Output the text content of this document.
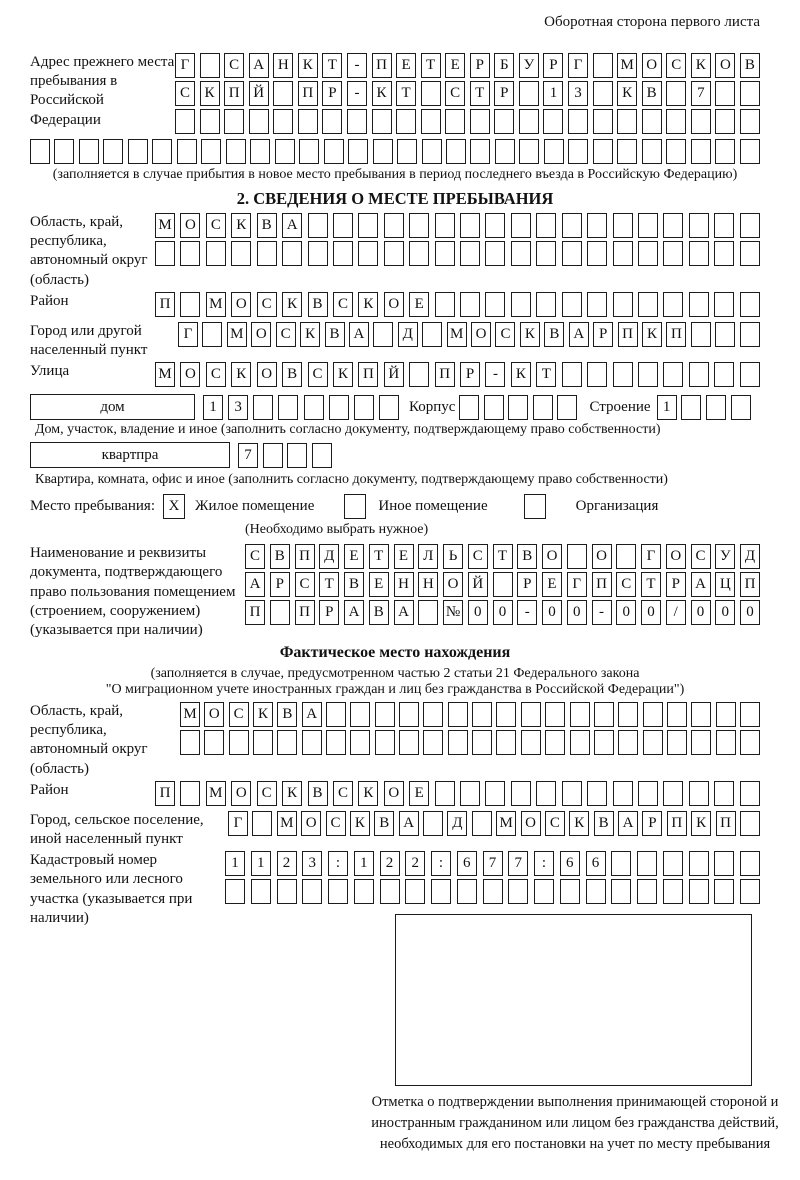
Оборотная сторона первого листа
Адрес прежнего места пребывания в Российской Федерации
Г	С А Н К Т	-	П Е	Т	Е	Р	Б У	Р	Г	М О С К О В
С К П Й	П Р	-	К Т	С Т	Р	1	3	К В	7
(заполняется в случае прибытия в новое место пребывания в период последнего въезда в Российскую Федерацию)
2. СВЕДЕНИЯ О МЕСТЕ ПРЕБЫВАНИЯ
Область, край, республика, автономный округ (область)
М О С	К	В	А
Район	П	М О С	К	В	С	К	О	Е
Город или другой населенный пункт
Г	М О С К В А	Д	М О С К В А Р П К П
Улица	М О С	К	О В	С	К	П Й	П	Р	-	К	Т
дом	1	3	Корпус	Строение 1
Дом, участок, владение и иное (заполнить согласно документу, подтверждающему право собственности)
квартпра	7
Квартира, комната, офис и иное (заполнить согласно документу, подтверждающему право собственности)
Место пребывания: X	Жилое помещение	Иное помещение	Организация
(Необходимо выбрать нужное)
Наименование и реквизиты документа, подтверждающего право пользования помещением (строением, сооружением) (указывается при наличии)
С В П Д	Е	Т	Е	Л	Ь	С	Т	В О	О	Г	О С У Д
А	Р	С	Т	В	Е Н Н О Й	Р	Е	Г	П С	Т	Р	А Ц П
П	П	Р	А В А	№ 0	0	-	0	0	-	0	0	/	0	0	0
Фактическое место нахождения
(заполняется в случае, предусмотренном частью 2 статьи 21 Федерального закона
"О миграционном учете иностранных граждан и лиц без гражданства в Российской Федерации")
Область, край, республика, автономный округ (область)
М О С К В А
Район	П	М О С	К	В	С	К	О	Е
Город, сельское поселение, иной населенный пункт
Г	М О С К В А	Д	М О С К В А Р П К П
Кадастровый номер земельного или лесного участка (указывается при наличии)
1	1	2	3	:	1	2	2	:	6	7	7	:	6	6
Отметка о подтверждении выполнения принимающей стороной и иностранным гражданином или лицом без гражданства действий, необходимых для его постановки на учет по месту пребывания
